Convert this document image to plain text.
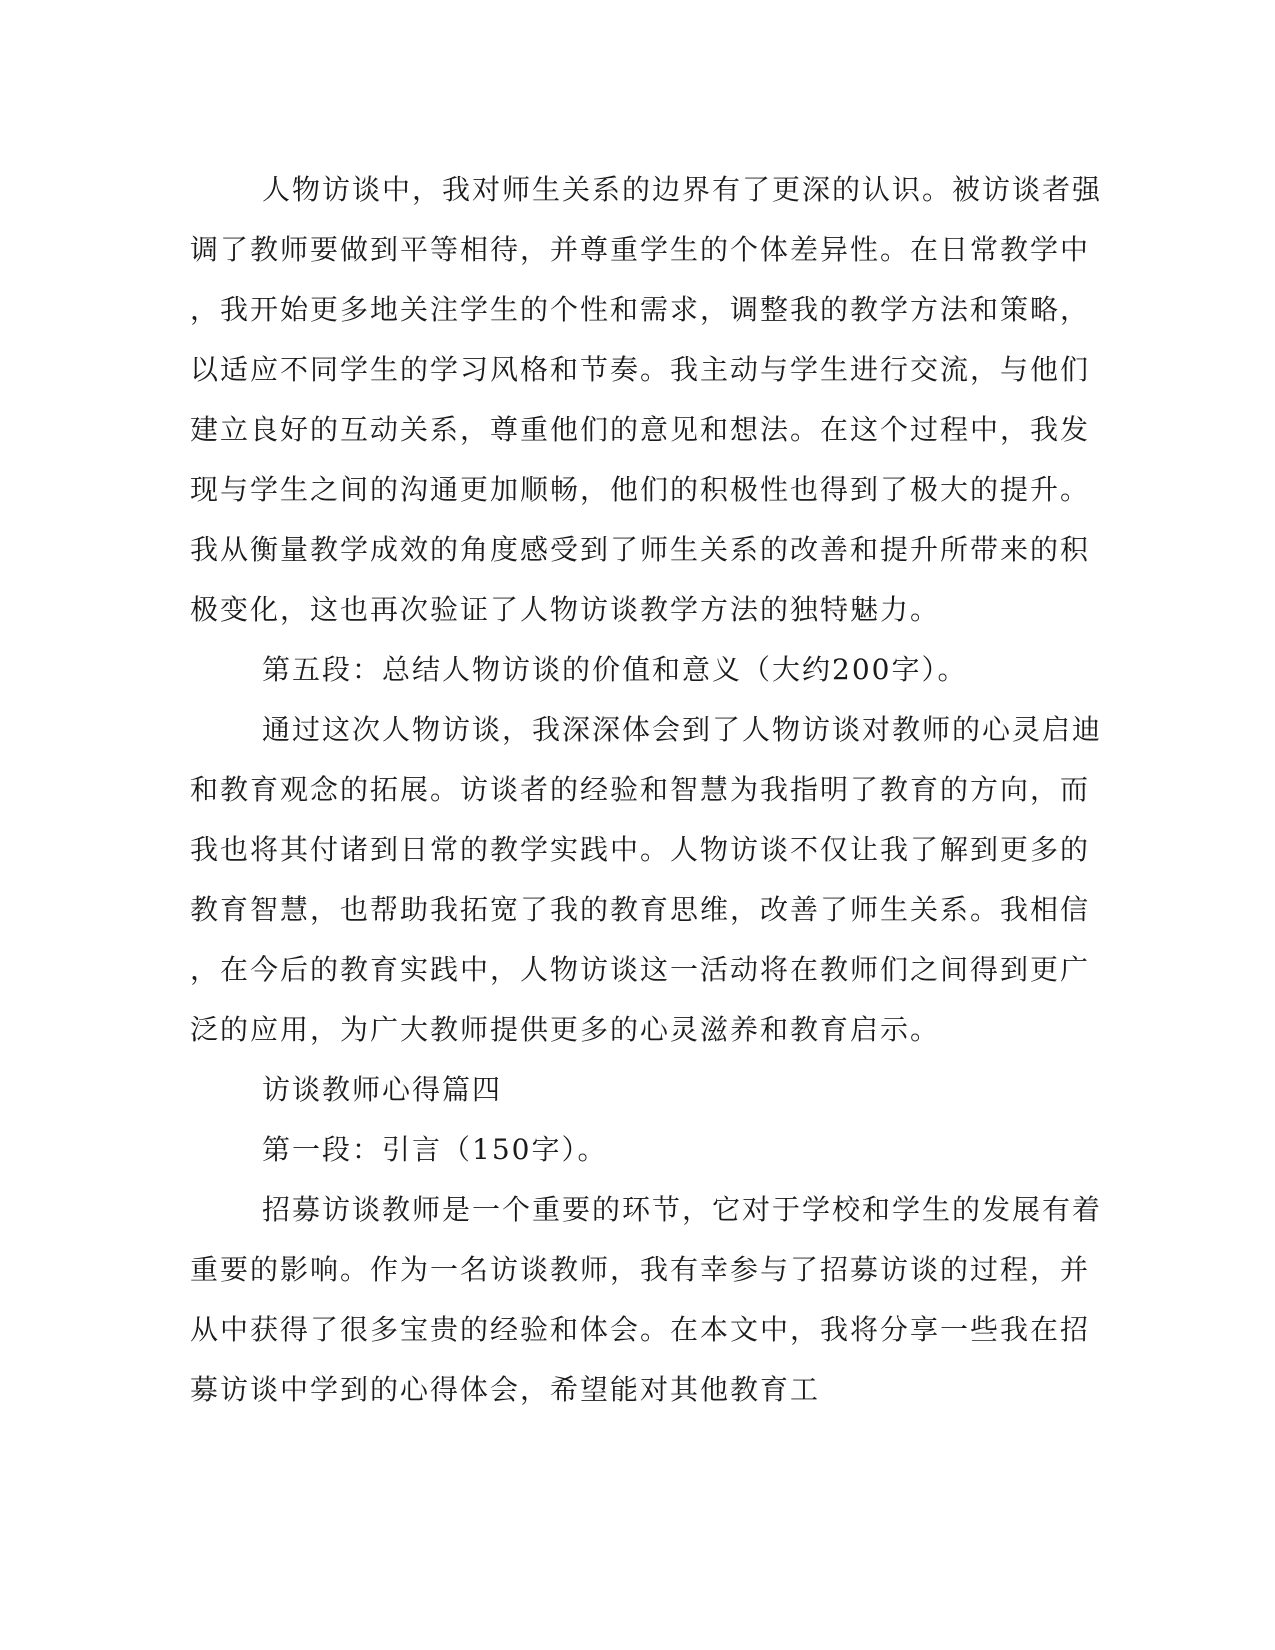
人物访谈中，我对师生关系的边界有了更深的认识。被访谈者强
调了教师要做到平等相待，并尊重学生的个体差异性。在日常教学中
，我开始更多地关注学生的个性和需求，调整我的教学方法和策略，
以适应不同学生的学习风格和节奏。我主动与学生进行交流，与他们
建立良好的互动关系，尊重他们的意见和想法。在这个过程中，我发
现与学生之间的沟通更加顺畅，他们的积极性也得到了极大的提升。
我从衡量教学成效的角度感受到了师生关系的改善和提升所带来的积
极变化，这也再次验证了人物访谈教学方法的独特魅力。
第五段：总结人物访谈的价值和意义（大约200字）。
通过这次人物访谈，我深深体会到了人物访谈对教师的心灵启迪
和教育观念的拓展。访谈者的经验和智慧为我指明了教育的方向，而
我也将其付诸到日常的教学实践中。人物访谈不仅让我了解到更多的
教育智慧，也帮助我拓宽了我的教育思维，改善了师生关系。我相信
，在今后的教育实践中，人物访谈这一活动将在教师们之间得到更广
泛的应用，为广大教师提供更多的心灵滋养和教育启示。
访谈教师心得篇四
第一段：引言（150字）。
招募访谈教师是一个重要的环节，它对于学校和学生的发展有着
重要的影响。作为一名访谈教师，我有幸参与了招募访谈的过程，并
从中获得了很多宝贵的经验和体会。在本文中，我将分享一些我在招
募访谈中学到的心得体会，希望能对其他教育工
